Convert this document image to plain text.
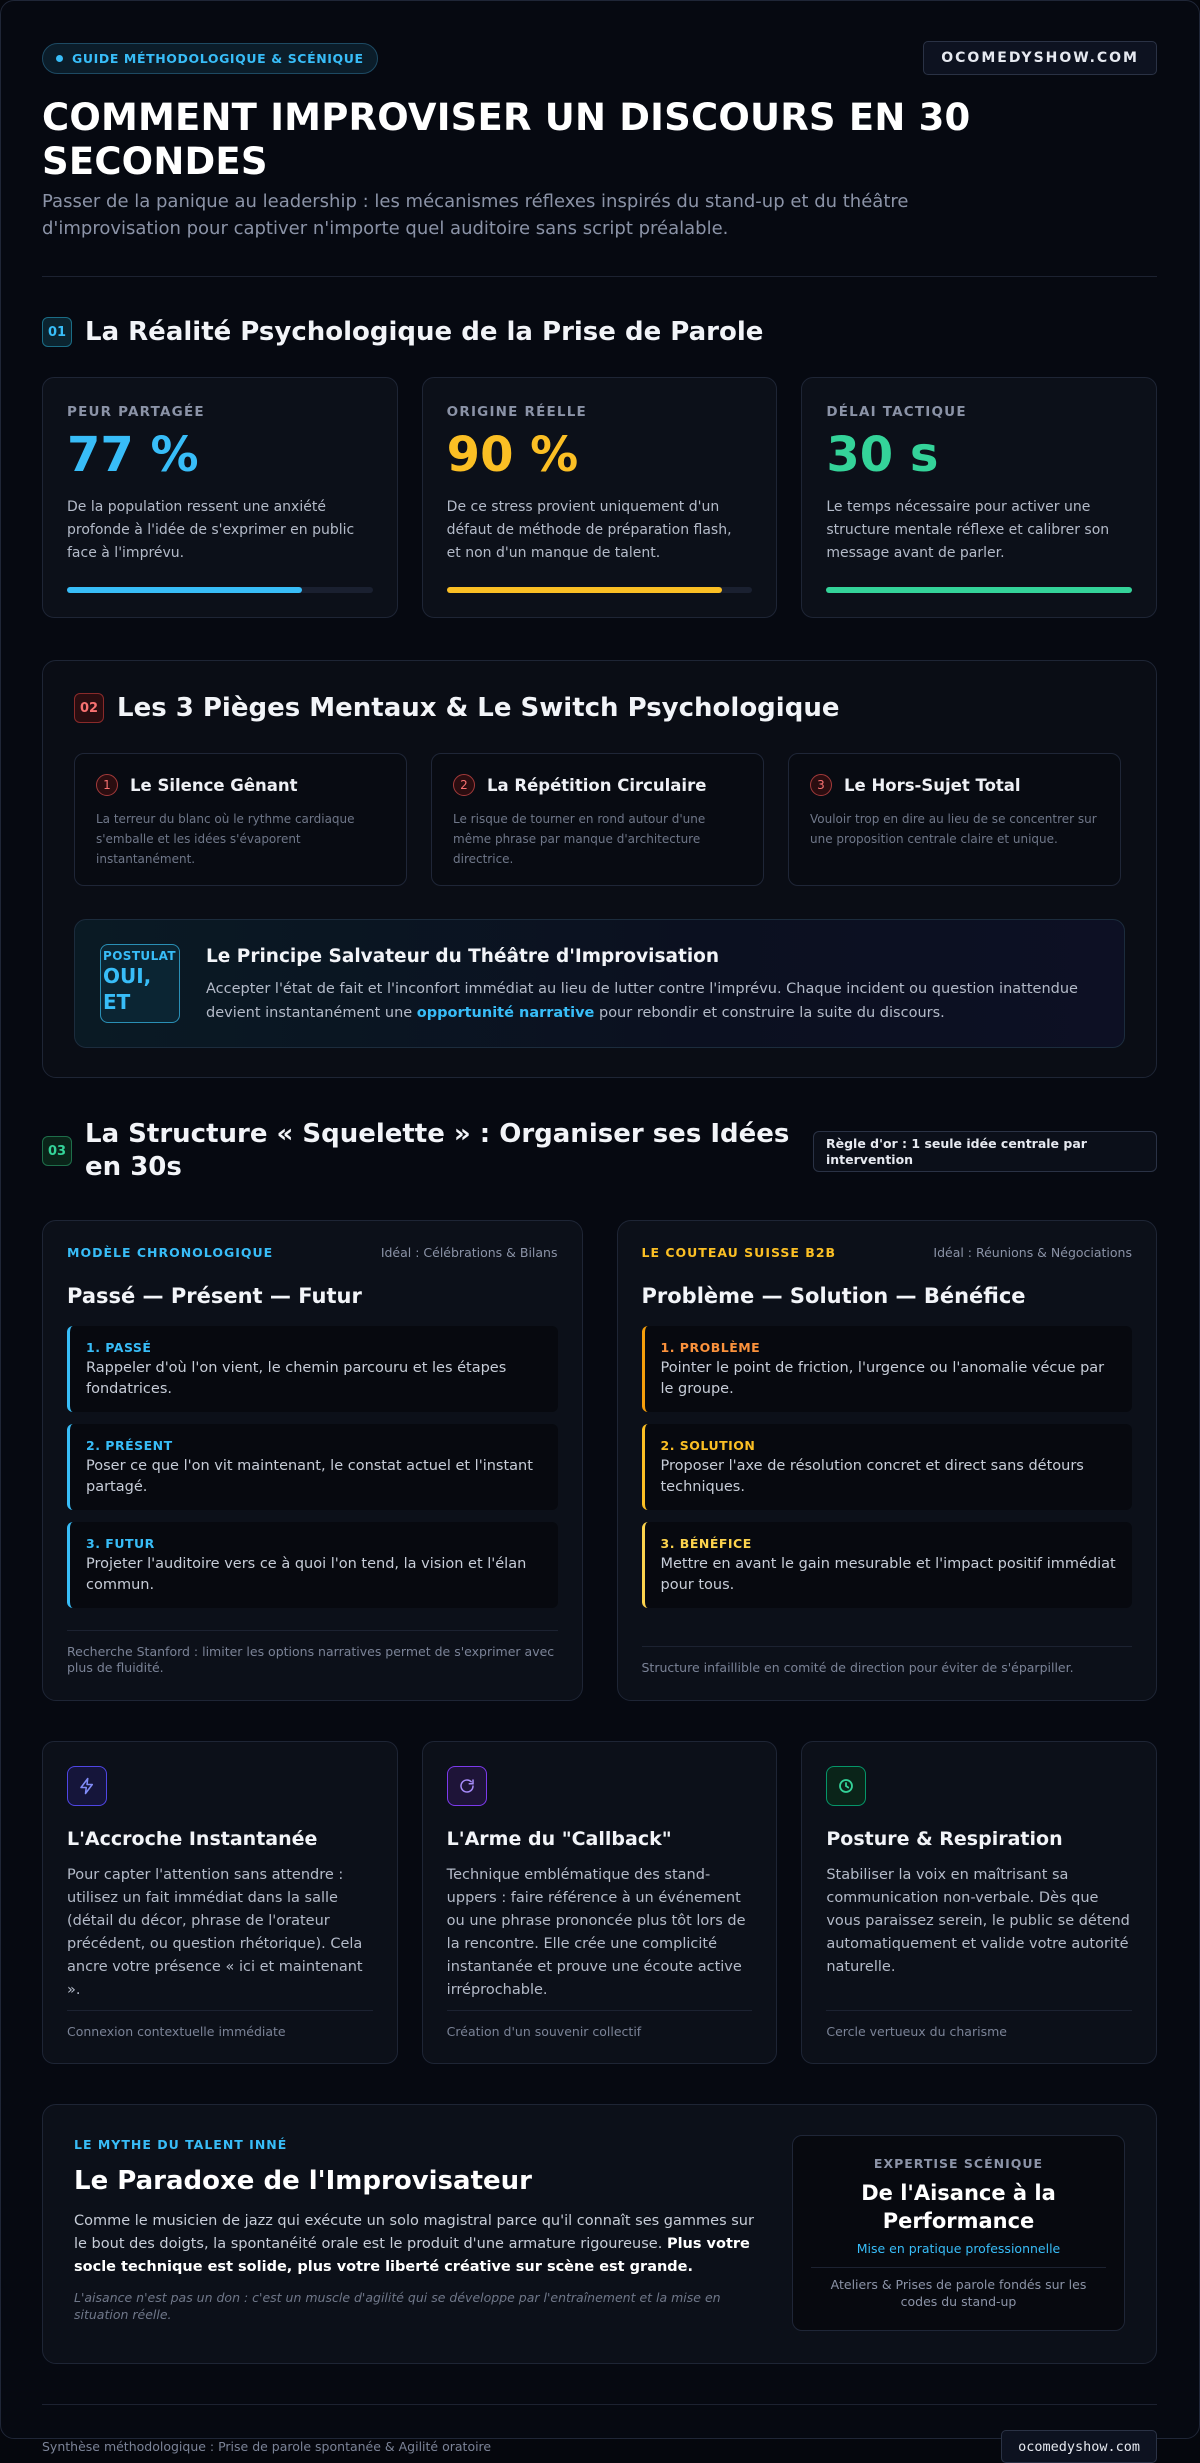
GUIDE MÉTHODOLOGIQUE & SCÉNIQUE	OCOMEDYSHOW.COM
COMMENT IMPROVISER UN DISCOURS EN 30 SECONDES

Passer de la panique au leadership : les mécanismes réflexes inspirés du stand-up et du théâtre d'improvisation pour captiver n'importe quel auditoire sans script préalable.

01 La Réalité Psychologique de la Prise de Parole
PEUR PARTAGÉE
77 %
De la population ressent une anxiété profonde à l'idée de s'exprimer en public face à l'imprévu.
ORIGINE RÉELLE
90 %
De ce stress provient uniquement d'un défaut de méthode de préparation flash, et non d'un manque de talent.
DÉLAI TACTIQUE
30 s
Le temps nécessaire pour activer une structure mentale réflexe et calibrer son message avant de parler.
02 Les 3 Pièges Mentaux & Le Switch Psychologique
1	Le Silence Gênant
La terreur du blanc où le rythme cardiaque s'emballe et les idées s'évaporent instantanément.
2	La Répétition Circulaire
Le risque de tourner en rond autour d'une même phrase par manque d'architecture directrice.
3	Le Hors-Sujet Total
Vouloir trop en dire au lieu de se concentrer sur une proposition centrale claire et unique.
POSTULAT
OUI, ET
Le Principe Salvateur du Théâtre d'Improvisation
Accepter l'état de fait et l'inconfort immédiat au lieu de lutter contre l'imprévu. Chaque incident ou question inattendue devient instantanément une opportunité narrative pour rebondir et construire la suite du discours.
03
La Structure « Squelette » : Organiser ses Idées en 30s
Règle d'or : 1 seule idée centrale par intervention
MODÈLE CHRONOLOGIQUE	Idéal : Célébrations & Bilans
Passé — Présent — Futur
1. PASSÉ
Rappeler d'où l'on vient, le chemin parcouru et les étapes fondatrices.
2. PRÉSENT
Poser ce que l'on vit maintenant, le constat actuel et l'instant partagé.
3. FUTUR
Projeter l'auditoire vers ce à quoi l'on tend, la vision et l'élan commun.
Recherche Stanford : limiter les options narratives permet de s'exprimer avec plus de fluidité.
LE COUTEAU SUISSE B2B	Idéal : Réunions & Négociations
Problème — Solution — Bénéfice
1. PROBLÈME
Pointer le point de friction, l'urgence ou l'anomalie vécue par le groupe.
2. SOLUTION
Proposer l'axe de résolution concret et direct sans détours techniques.
3. BÉNÉFICE
Mettre en avant le gain mesurable et l'impact positif immédiat pour tous.
Structure infaillible en comité de direction pour éviter de s'éparpiller.
L'Accroche Instantanée
Pour capter l'attention sans attendre : utilisez un fait immédiat dans la salle (détail du décor, phrase de l'orateur précédent, ou question rhétorique). Cela ancre votre présence « ici et maintenant ».
Connexion contextuelle immédiate
L'Arme du "Callback"
Technique emblématique des stand-uppers : faire référence à un événement ou une phrase prononcée plus tôt lors de la rencontre. Elle crée une complicité instantanée et prouve une écoute active irréprochable.
Création d'un souvenir collectif
Posture & Respiration
Stabiliser la voix en maîtrisant sa communication non-verbale. Dès que vous paraissez serein, le public se détend automatiquement et valide votre autorité naturelle.
Cercle vertueux du charisme
LE MYTHE DU TALENT INNÉ
Le Paradoxe de l'Improvisateur
Comme le musicien de jazz qui exécute un solo magistral parce qu'il connaît ses gammes sur le bout des doigts, la spontanéité orale est le produit d'une armature rigoureuse. Plus votre socle technique est solide, plus votre liberté créative sur scène est grande.
L'aisance n'est pas un don : c'est un muscle d'agilité qui se développe par l'entraînement et la mise en situation réelle.
EXPERTISE SCÉNIQUE
De l'Aisance à la Performance
Mise en pratique professionnelle
Ateliers & Prises de parole fondés sur les codes du stand-up
Synthèse méthodologique : Prise de parole spontanée & Agilité oratoire	ocomedyshow.com
